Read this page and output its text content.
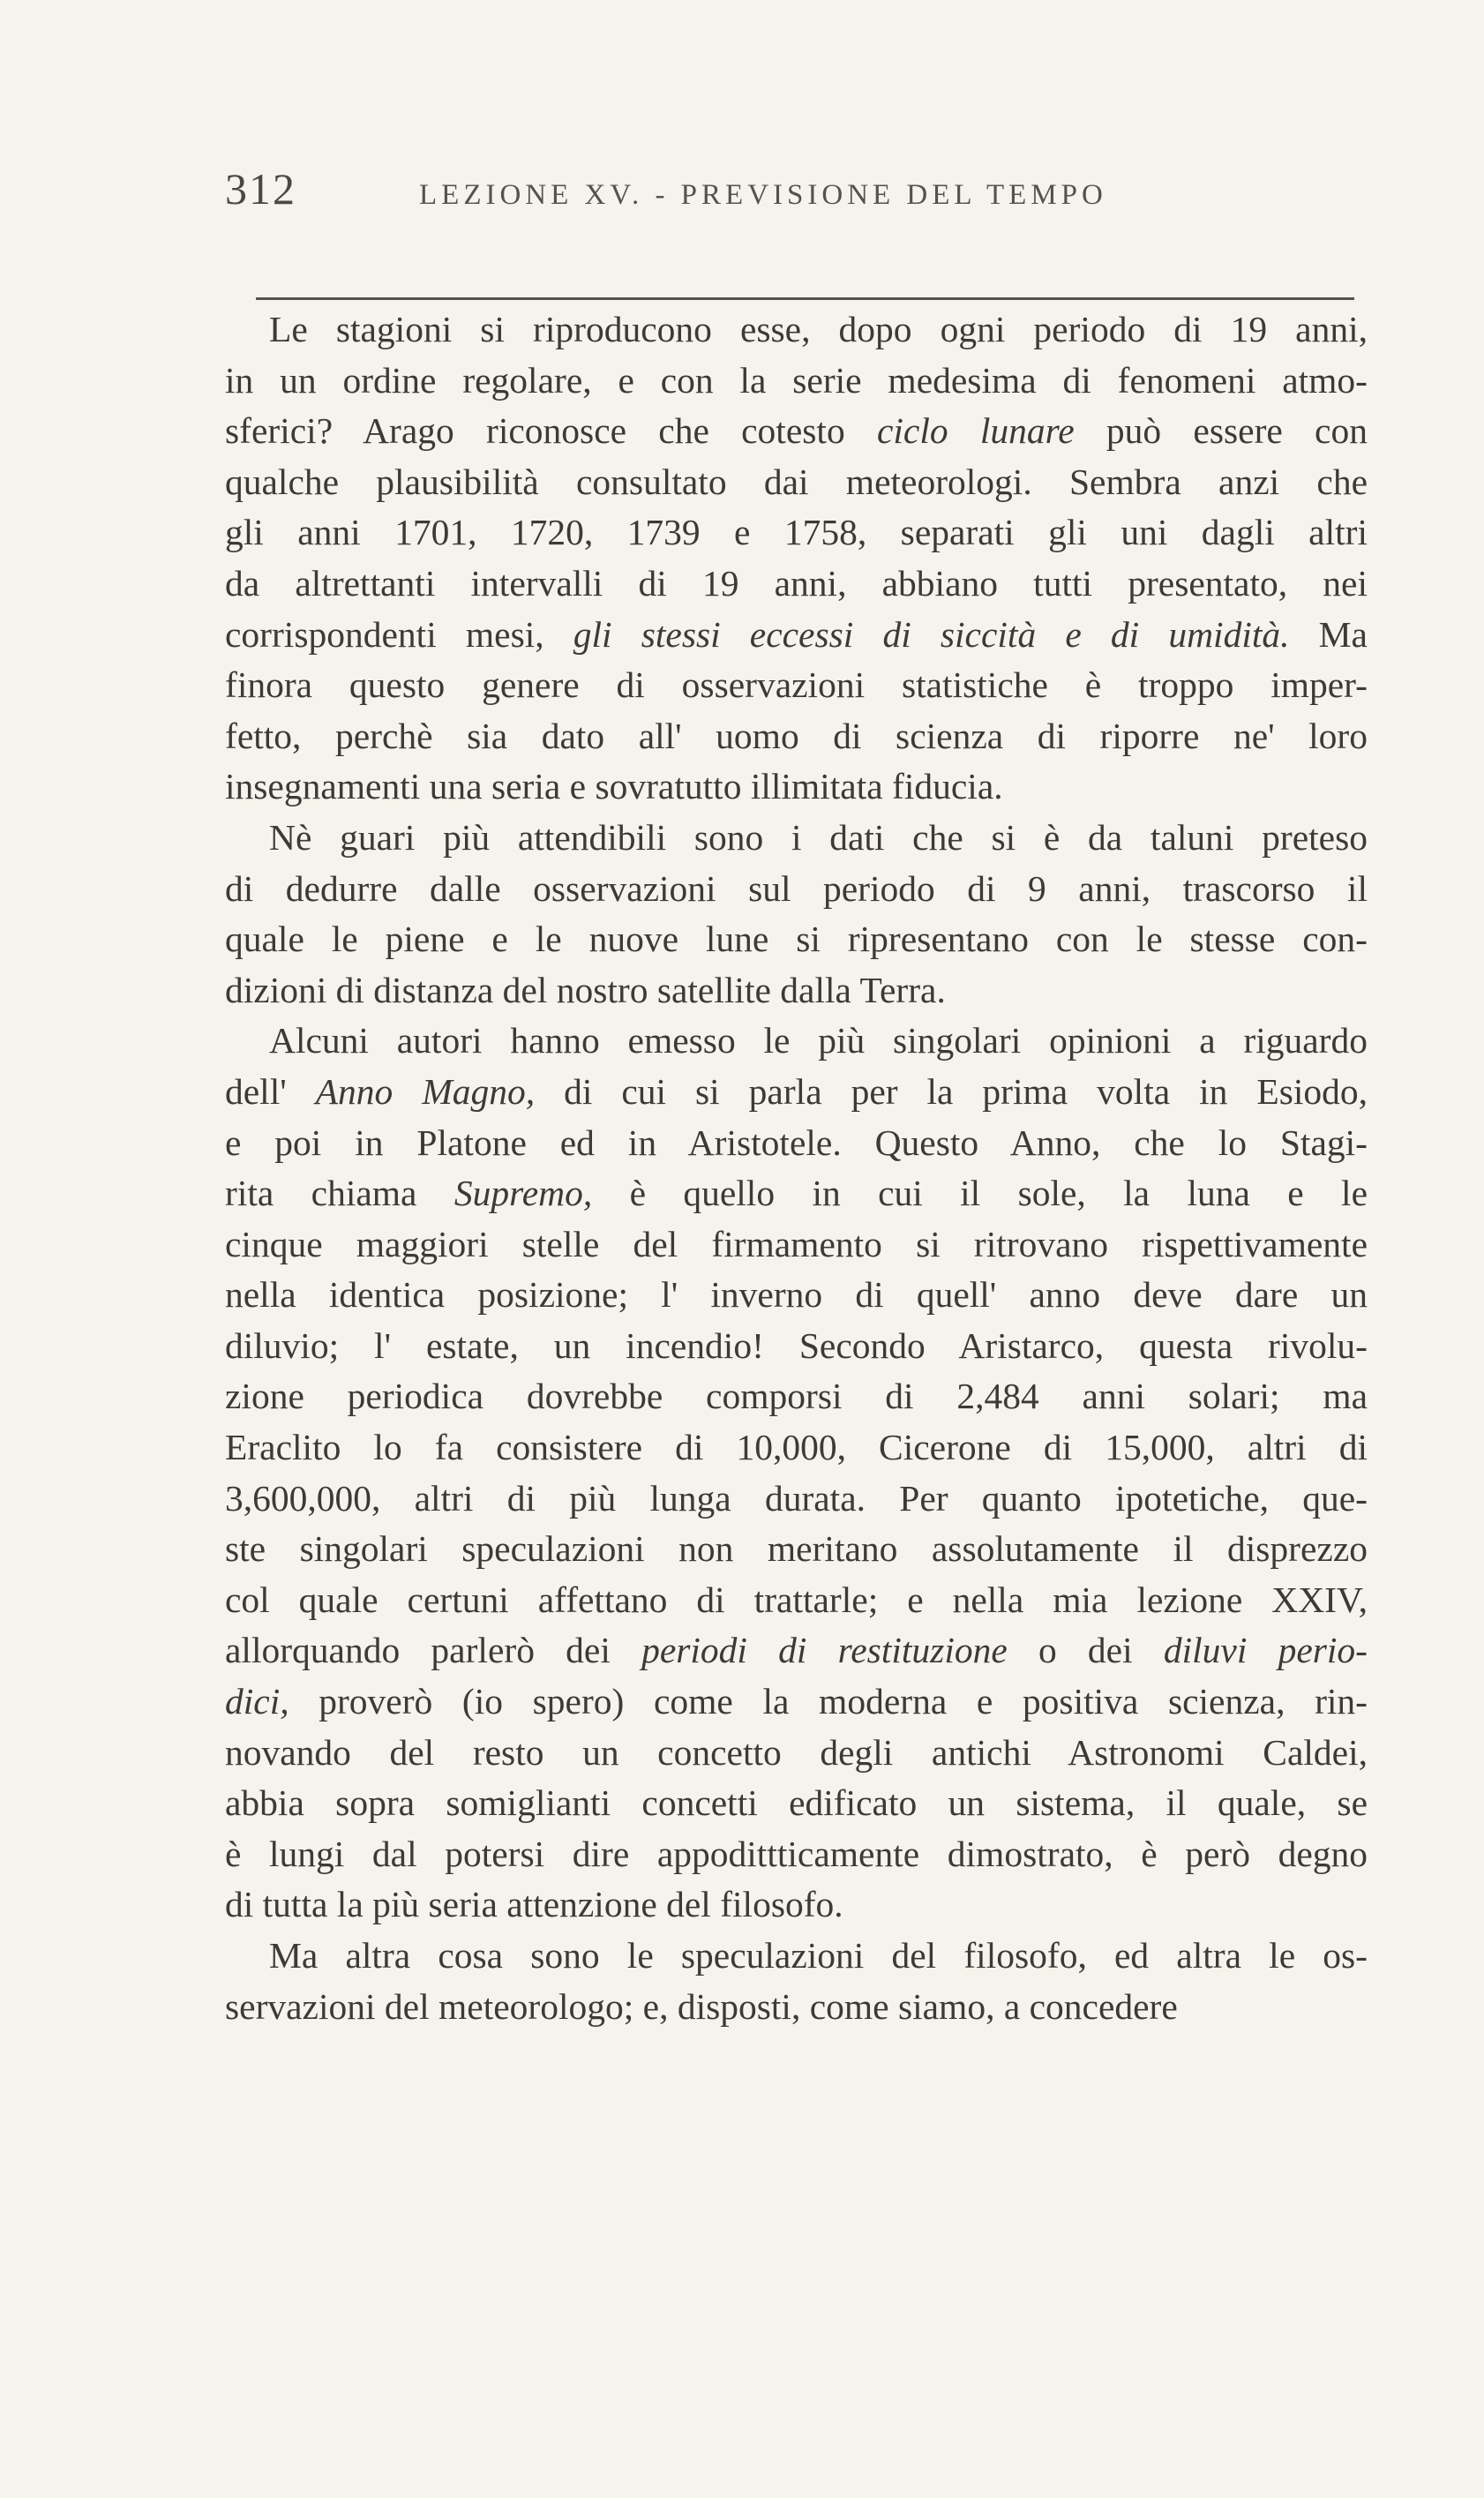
312	LEZIONE XV. - PREVISIONE DEL TEMPO
Le stagioni si riproducono esse, dopo ogni periodo di 19 anni,
in un ordine regolare, e con la serie medesima di fenomeni atmo-
sferici? Arago riconosce che cotesto ciclo lunare può essere con
qualche plausibilità consultato dai meteorologi. Sembra anzi che
gli anni 1701, 1720, 1739 e 1758, separati gli uni dagli altri
da altrettanti intervalli di 19 anni, abbiano tutti presentato, nei
corrispondenti mesi, gli stessi eccessi di siccità e di umidità. Ma
finora questo genere di osservazioni statistiche è troppo imper-
fetto, perchè sia dato all' uomo di scienza di riporre ne' loro
insegnamenti una seria e sovratutto illimitata fiducia.
Nè guari più attendibili sono i dati che si è da taluni preteso
di dedurre dalle osservazioni sul periodo di 9 anni, trascorso il
quale le piene e le nuove lune si ripresentano con le stesse con-
dizioni di distanza del nostro satellite dalla Terra.
Alcuni autori hanno emesso le più singolari opinioni a riguardo
dell' Anno Magno, di cui si parla per la prima volta in Esiodo,
e poi in Platone ed in Aristotele. Questo Anno, che lo Stagi-
rita chiama Supremo, è quello in cui il sole, la luna e le
cinque maggiori stelle del firmamento si ritrovano rispettivamente
nella identica posizione; l' inverno di quell' anno deve dare un
diluvio; l' estate, un incendio! Secondo Aristarco, questa rivolu-
zione periodica dovrebbe comporsi di 2,484 anni solari; ma
Eraclito lo fa consistere di 10,000, Cicerone di 15,000, altri di
3,600,000, altri di più lunga durata. Per quanto ipotetiche, que-
ste singolari speculazioni non meritano assolutamente il disprezzo
col quale certuni affettano di trattarle; e nella mia lezione XXIV,
allorquando parlerò dei periodi di restituzione o dei diluvi perio-
dici, proverò (io spero) come la moderna e positiva scienza, rin-
novando del resto un concetto degli antichi Astronomi Caldei,
abbia sopra somiglianti concetti edificato un sistema, il quale, se
è lungi dal potersi dire appodittticamente dimostrato, è però degno
di tutta la più seria attenzione del filosofo.
Ma altra cosa sono le speculazioni del filosofo, ed altra le os-
servazioni del meteorologo; e, disposti, come siamo, a concedere
